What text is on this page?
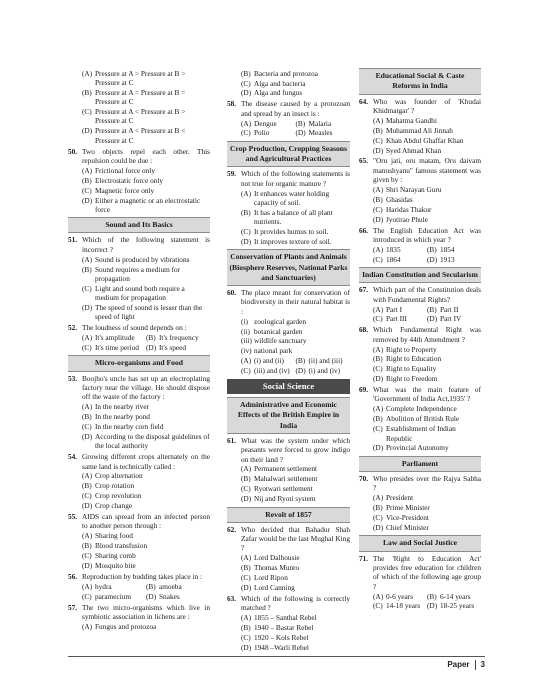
(A) Pressure at A > Pressure at B > Pressure at C
(B) Pressure at A = Pressure at B = Pressure at C
(C) Pressure at A < Pressure at B > Pressure at C
(D) Pressure at A < Pressure at B < Pressure at C
50. Two objects repel each other. This repulsion could be due :
(A) Frictional force only
(B) Electrostatic force only
(C) Magnetic force only
(D) Either a magnetic or an electrostatic force
Sound and Its Basics
51. Which of the following statement is incorrect ?
(A) Sound is produced by vibrations
(B) Sound requires a medium for propagation
(C) Light and sound both require a medium for propagation
(D) The speed of sound is lesser than the speed of light
52. The loudness of sound depends on :
(A) It's amplitude (B) It's frequency
(C) It's time period (D) It's speed
Micro-organisms and Food
53. Boojho's uncle has set up an electroplating factory near the village. He should dispose off the waste of the factory :
(A) In the nearby river
(B) In the nearby pond
(C) In the nearby corn field
(D) According to the disposal guidelines of the local authority
54. Growing different crops alternately on the same land is technically called :
(A) Crop alternation
(B) Crop rotation
(C) Crop revolution
(D) Crop change
55. AIDS can spread from an infected person to another person through :
(A) Sharing food
(B) Blood transfusion
(C) Sharing comb
(D) Mosquito bite
56. Reproduction by budding takes place in :
(A) hydra	(B) amoeba
(C) paramecium (D) Snakes
57. The two micro-organisms which live in symbiotic association in lichens are :
(A) Fungus and protozoa
(B) Bacteria and protozoa
(C) Alga and bacteria
(D) Alga and fungus
58. The disease caused by a protozoan and spread by an insect is :
(A) Dengue	(B) Malaria
(C) Polio	(D) Measles
Crop Production, Cropping Seasons and Agricultural Practices
59. Which of the following statements is not true for organic manure ?
(A) It enhances water holding capacity of soil.
(B) It has a balance of all plant nutrients.
(C) It provides humus to soil.
(D) It improves texture of soil.
Conservation of Plants and Animals (Biosphere Reserves, National Parks and Sanctuaries)
60. The place meant for conservation of biodiversity in their natural habitat is :
(i) zoological garden
(ii) botanical garden
(iii) wildlife sanctuary
(iv) national park
(A) (i) and (ii) (B) (ii) and (iii)
(C) (iii) and (iv) (D) (i) and (iv)
Social Science
Administrative and Economic Effects of the British Empire in India
61. What was the system under which peasants were forced to grow indigo on their land ?
(A) Permanent settlement
(B) Mahalwari settlement
(C) Ryotwari settlement
(D) Nij and Ryoti system
Revolt of 1857
62. Who decided that Bahadur Shah Zafar would be the last Mughal King ?
(A) Lord Dalhousie
(B) Thomas Munro
(C) Lord Ripon
(D) Lord Canning
63. Which of the following is correctly matched ?
(A) 1855 – Santhal Rebel
(B) 1940 – Bastar Rebel
(C) 1920 – Kols Rebel
(D) 1948 –Warli Rebel
Educational Social & Caste Reforms in India
64. Who was founder of 'Khudai Khidmatgar' ?
(A) Mahatma Gandhi
(B) Muhammad Ali Jinnah
(C) Khan Abdul Ghaffar Khan
(D) Syed Ahmad Khan
65. "Oru jati, oru matam, Oru daivam manushyanu" famous statement was given by :
(A) Shri Narayan Guru
(B) Ghasidas
(C) Haridas Thakur
(D) Jyotirao Phule
66. The English Education Act was introduced in which year ?
(A) 1835	(B) 1854
(C) 1864	(D) 1913
Indian Constitution and Secularism
67. Which part of the Constitution deals with Fundamental Rights?
(A) Part I	(B) Part II
(C) Part III	(D) Part IV
68. Which Fundamental Right was removed by 44th Amendment ?
(A) Right to Property
(B) Right to Education
(C) Right to Equality
(D) Right to Freedom
69. What was the main feature of 'Government of India Act,1935' ?
(A) Complete Independence
(B) Abolition of British Rule
(C) Establishment of Indian Republic
(D) Provincial Autonomy
Parliament
70. Who presides over the Rajya Sabha ?
(A) President
(B) Prime Minister
(C) Vice-President
(D) Chief Minister
Law and Social Justice
71. The 'Right to Education Act' provides free education for children of which of the following age group ?
(A) 0-6 years (B) 6-14 years
(C) 14-18 years (D) 18-25 years
Paper 3
